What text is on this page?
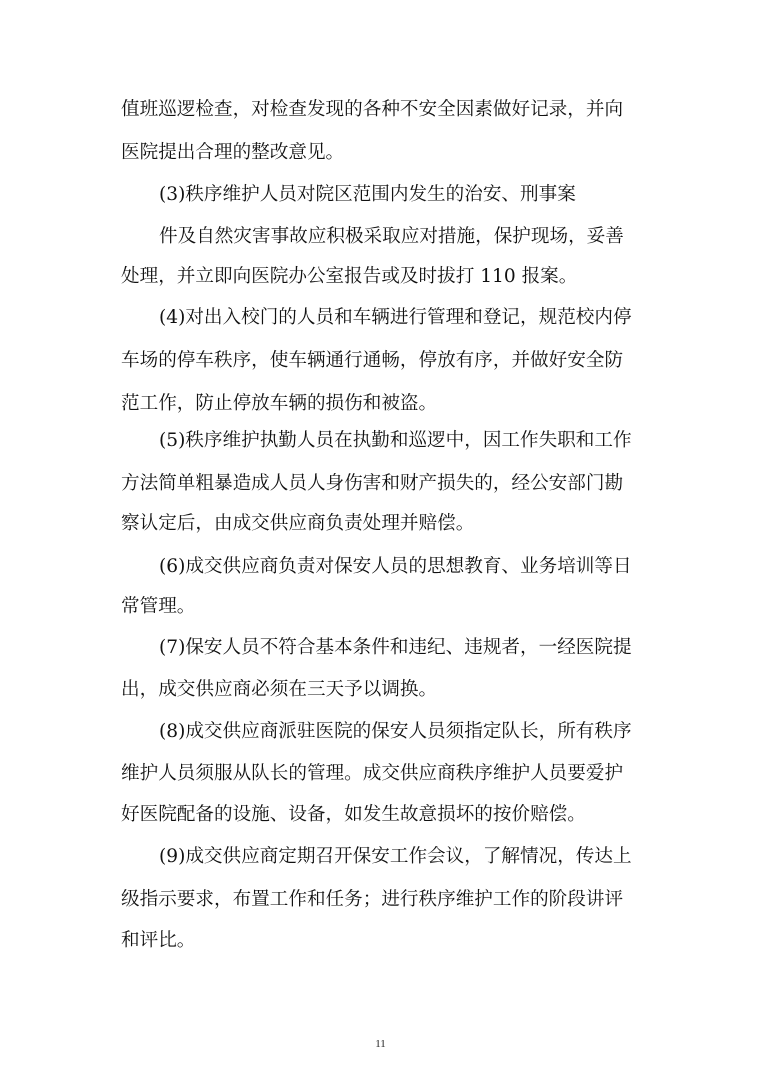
值班巡逻检查，对检查发现的各种不安全因素做好记录，并向
医院提出合理的整改意见。
(3)秩序维护人员对院区范围内发生的治安、刑事案
件及自然灾害事故应积极采取应对措施，保护现场，妥善
处理，并立即向医院办公室报告或及时拔打 110 报案。
(4)对出入校门的人员和车辆进行管理和登记，规范校内停
车场的停车秩序，使车辆通行通畅，停放有序，并做好安全防
范工作，防止停放车辆的损伤和被盗。
(5)秩序维护执勤人员在执勤和巡逻中，因工作失职和工作
方法简单粗暴造成人员人身伤害和财产损失的，经公安部门勘
察认定后，由成交供应商负责处理并赔偿。
(6)成交供应商负责对保安人员的思想教育、业务培训等日
常管理。
(7)保安人员不符合基本条件和违纪、违规者，一经医院提
出，成交供应商必须在三天予以调换。
(8)成交供应商派驻医院的保安人员须指定队长，所有秩序
维护人员须服从队长的管理。成交供应商秩序维护人员要爱护
好医院配备的设施、设备，如发生故意损坏的按价赔偿。
(9)成交供应商定期召开保安工作会议，了解情况，传达上
级指示要求，布置工作和任务；进行秩序维护工作的阶段讲评
和评比。
11
